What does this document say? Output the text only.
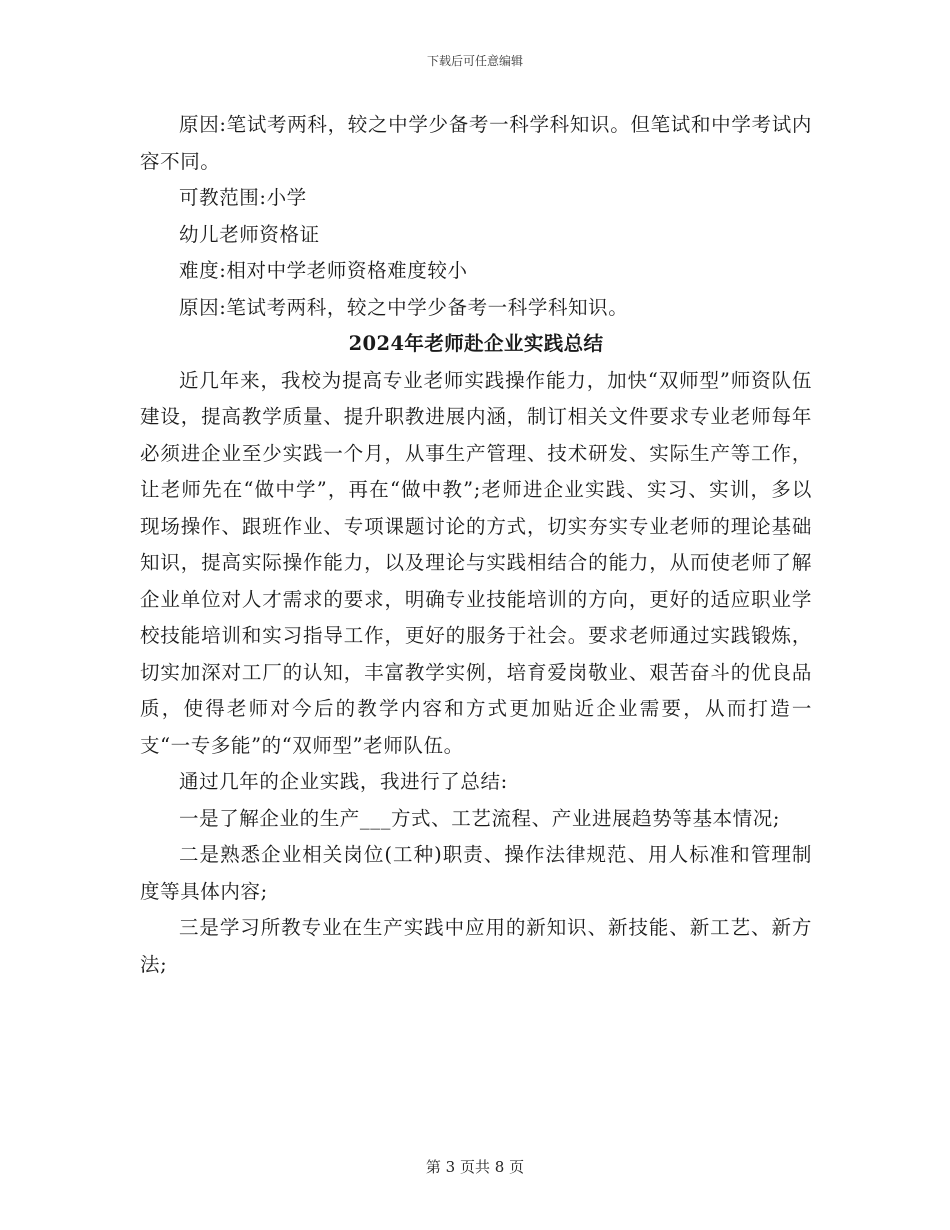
下载后可任意编辑

原因:笔试考两科，较之中学少备考一科学科知识。但笔试和中学考试内容不同。

可教范围:小学

幼儿老师资格证

难度:相对中学老师资格难度较小

原因:笔试考两科，较之中学少备考一科学科知识。

2024年老师赴企业实践总结

近几年来，我校为提高专业老师实践操作能力，加快“双师型”师资队伍建设，提高教学质量、提升职教进展内涵，制订相关文件要求专业老师每年必须进企业至少实践一个月，从事生产管理、技术研发、实际生产等工作，让老师先在“做中学”，再在“做中教”;老师进企业实践、实习、实训，多以现场操作、跟班作业、专项课题讨论的方式，切实夯实专业老师的理论基础知识，提高实际操作能力，以及理论与实践相结合的能力，从而使老师了解企业单位对人才需求的要求，明确专业技能培训的方向，更好的适应职业学校技能培训和实习指导工作，更好的服务于社会。要求老师通过实践锻炼，切实加深对工厂的认知，丰富教学实例，培育爱岗敬业、艰苦奋斗的优良品质，使得老师对今后的教学内容和方式更加贴近企业需要，从而打造一支“一专多能”的“双师型”老师队伍。

通过几年的企业实践，我进行了总结:

一是了解企业的生产___方式、工艺流程、产业进展趋势等基本情况;

二是熟悉企业相关岗位(工种)职责、操作法律规范、用人标准和管理制度等具体内容;

三是学习所教专业在生产实践中应用的新知识、新技能、新工艺、新方法;

第 3 页共 8 页
